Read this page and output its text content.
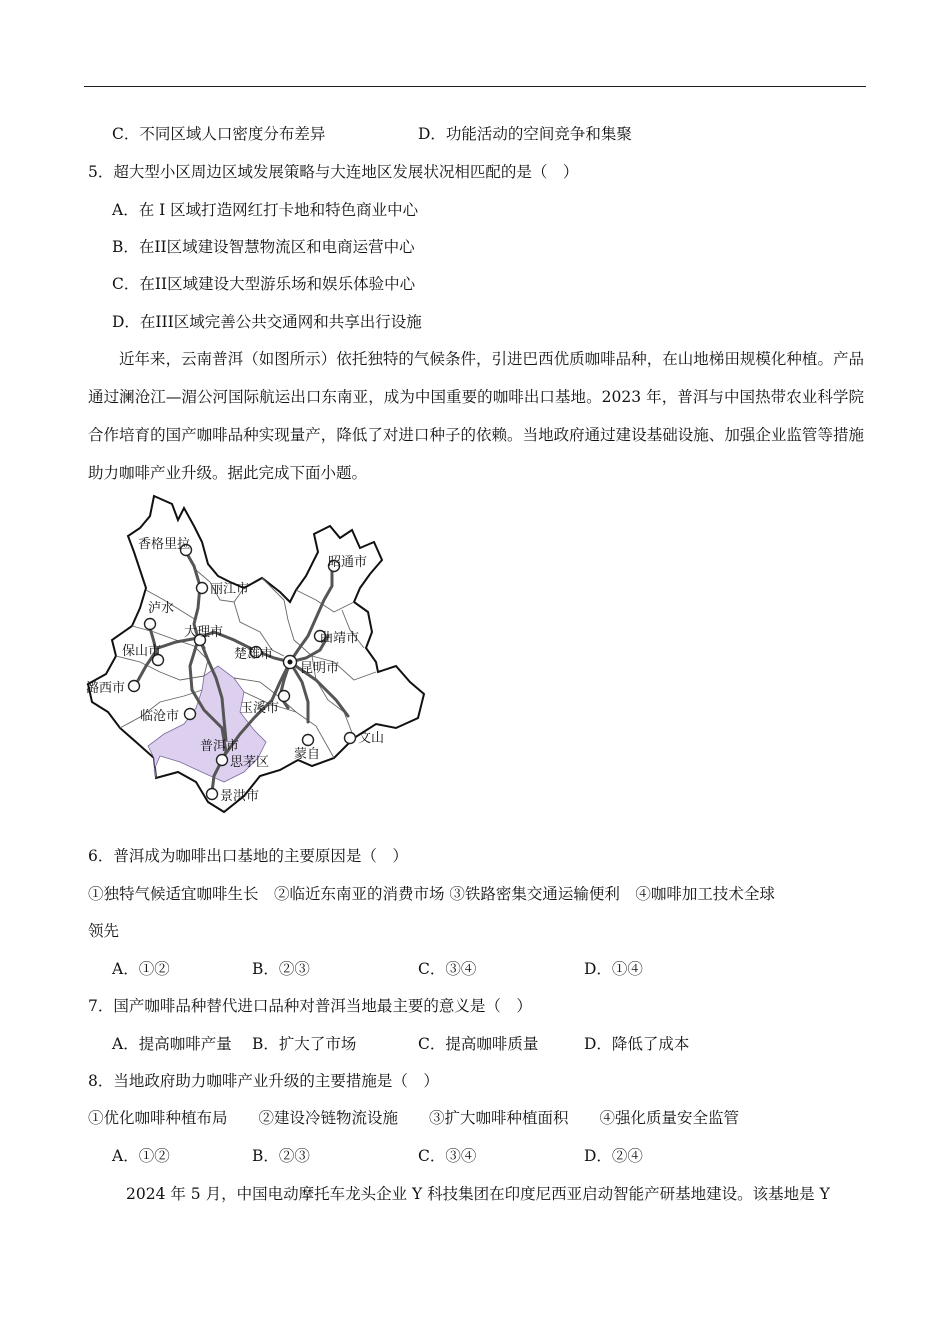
C．不同区域人口密度分布差异	D．功能活动的空间竞争和集聚
5．超大型小区周边区域发展策略与大连地区发展状况相匹配的是（　）
A．在 I 区域打造网红打卡地和特色商业中心
B．在II区域建设智慧物流区和电商运营中心
C．在II区域建设大型游乐场和娱乐体验中心
D．在III区域完善公共交通网和共享出行设施
近年来，云南普洱（如图所示）依托独特的气候条件，引进巴西优质咖啡品种，在山地梯田规模化种植。产品通过澜沧江—湄公河国际航运出口东南亚，成为中国重要的咖啡出口基地。2023 年，普洱与中国热带农业科学院合作培育的国产咖啡品种实现量产，降低了对进口种子的依赖。当地政府通过建设基础设施、加强企业监管等措施助力咖啡产业升级。据此完成下面小题。
香格里拉
丽江市
泸水
大理市
保山市	楚雄市
昭通市
曲靖市
昆明市
潞西市
玉溪市
临沧市
蒙自
文山
普洱市
思茅区
景洪市
6．普洱成为咖啡出口基地的主要原因是（　）
①独特气候适宜咖啡生长　②临近东南亚的消费市场 ③铁路密集交通运输便利　④咖啡加工技术全球
领先
A．①②	B．②③	C．③④	D．①④
7．国产咖啡品种替代进口品种对普洱当地最主要的意义是（　）
A．提高咖啡产量 B．扩大了市场	C．提高咖啡质量	D．降低了成本
8．当地政府助力咖啡产业升级的主要措施是（　）
①优化咖啡种植布局　　②建设冷链物流设施　　③扩大咖啡种植面积　　④强化质量安全监管
A．①②	B．②③	C．③④	D．②④
2024 年 5 月，中国电动摩托车龙头企业 Y 科技集团在印度尼西亚启动智能产研基地建设。该基地是 Y
